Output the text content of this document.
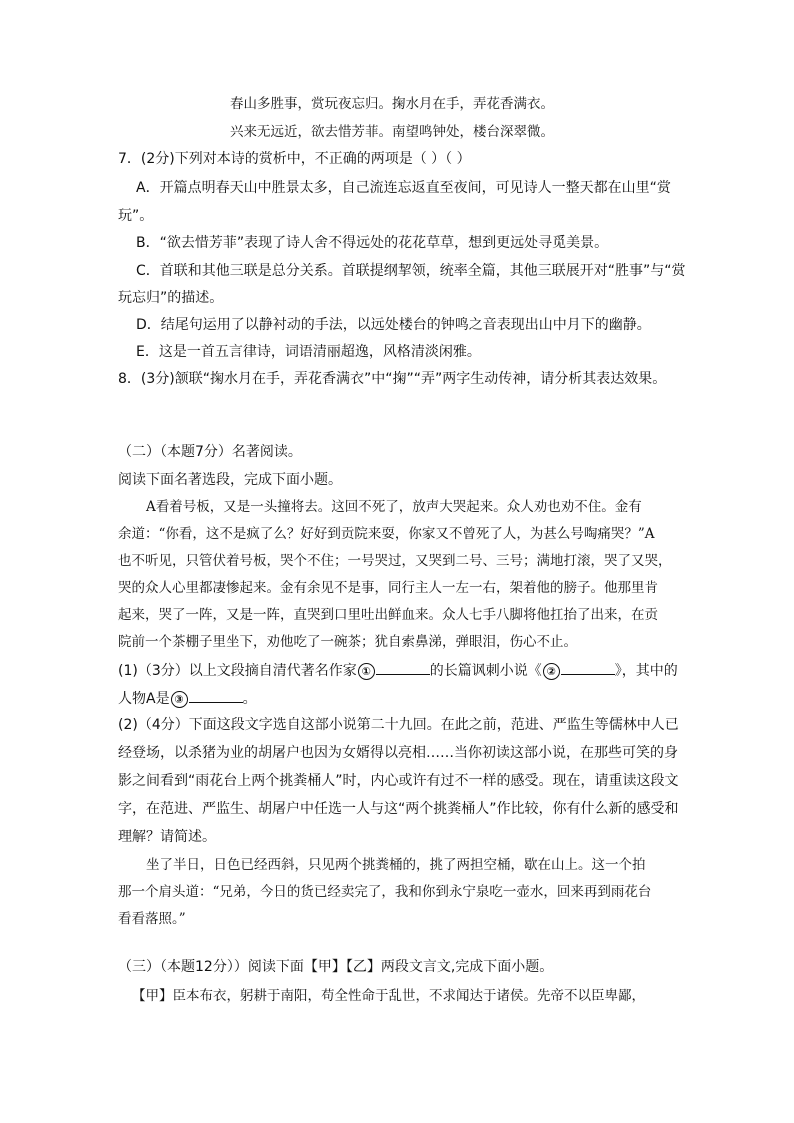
春山多胜事，赏玩夜忘归。掬水月在手，弄花香满衣。
兴来无远近，欲去惜芳菲。南望鸣钟处，楼台深翠微。
7．(2分)下列对本诗的赏析中，不正确的两项是（ ）（ ）
A．开篇点明春天山中胜景太多，自己流连忘返直至夜间，可见诗人一整天都在山里“赏
玩”。
B．“欲去惜芳菲”表现了诗人舍不得远处的花花草草，想到更远处寻觅美景。
C．首联和其他三联是总分关系。首联提纲挈领，统率全篇，其他三联展开对“胜事”与“赏
玩忘归”的描述。
D．结尾句运用了以静衬动的手法，以远处楼台的钟鸣之音表现出山中月下的幽静。
E．这是一首五言律诗，词语清丽超逸，风格清淡闲雅。
8．(3分)颔联“掬水月在手，弄花香满衣”中“掬”“弄”两字生动传神，请分析其表达效果。
（二）（本题7分）名著阅读。
阅读下面名著选段，完成下面小题。
A看着号板，又是一头撞将去。这回不死了，放声大哭起来。众人劝也劝不住。金有
余道：“你看，这不是疯了么？好好到贡院来耍，你家又不曾死了人，为甚么号啕痛哭？”A
也不听见，只管伏着号板，哭个不住；一号哭过，又哭到二号、三号；满地打滚，哭了又哭，
哭的众人心里都凄惨起来。金有余见不是事，同行主人一左一右，架着他的膀子。他那里肯
起来，哭了一阵，又是一阵，直哭到口里吐出鲜血来。众人七手八脚将他扛抬了出来，在贡
院前一个茶棚子里坐下，劝他吃了一碗茶；犹自索鼻涕，弹眼泪，伤心不止。
(1)（3分）以上文段摘自清代著名作家 ①	的长篇讽刺小说《 ②	》，其中的
人物A是 ③	。
(2)（4分）下面这段文字选自这部小说第二十九回。在此之前，范进、严监生等儒林中人已
经登场，以杀猪为业的胡屠户也因为女婿得以亮相……当你初读这部小说，在那些可笑的身
影之间看到“雨花台上两个挑粪桶人”时，内心或许有过不一样的感受。现在，请重读这段文
字，在范进、严监生、胡屠户中任选一人与这“两个挑粪桶人”作比较，你有什么新的感受和
理解？请简述。
坐了半日，日色已经西斜，只见两个挑粪桶的，挑了两担空桶，歇在山上。这一个拍
那一个肩头道：“兄弟，今日的货已经卖完了，我和你到永宁泉吃一壶水，回来再到雨花台
看看落照。”
（三）（本题12分））阅读下面【甲】【乙】两段文言文,完成下面小题。
【甲】臣本布衣，躬耕于南阳，苟全性命于乱世，不求闻达于诸侯。先帝不以臣卑鄙，
